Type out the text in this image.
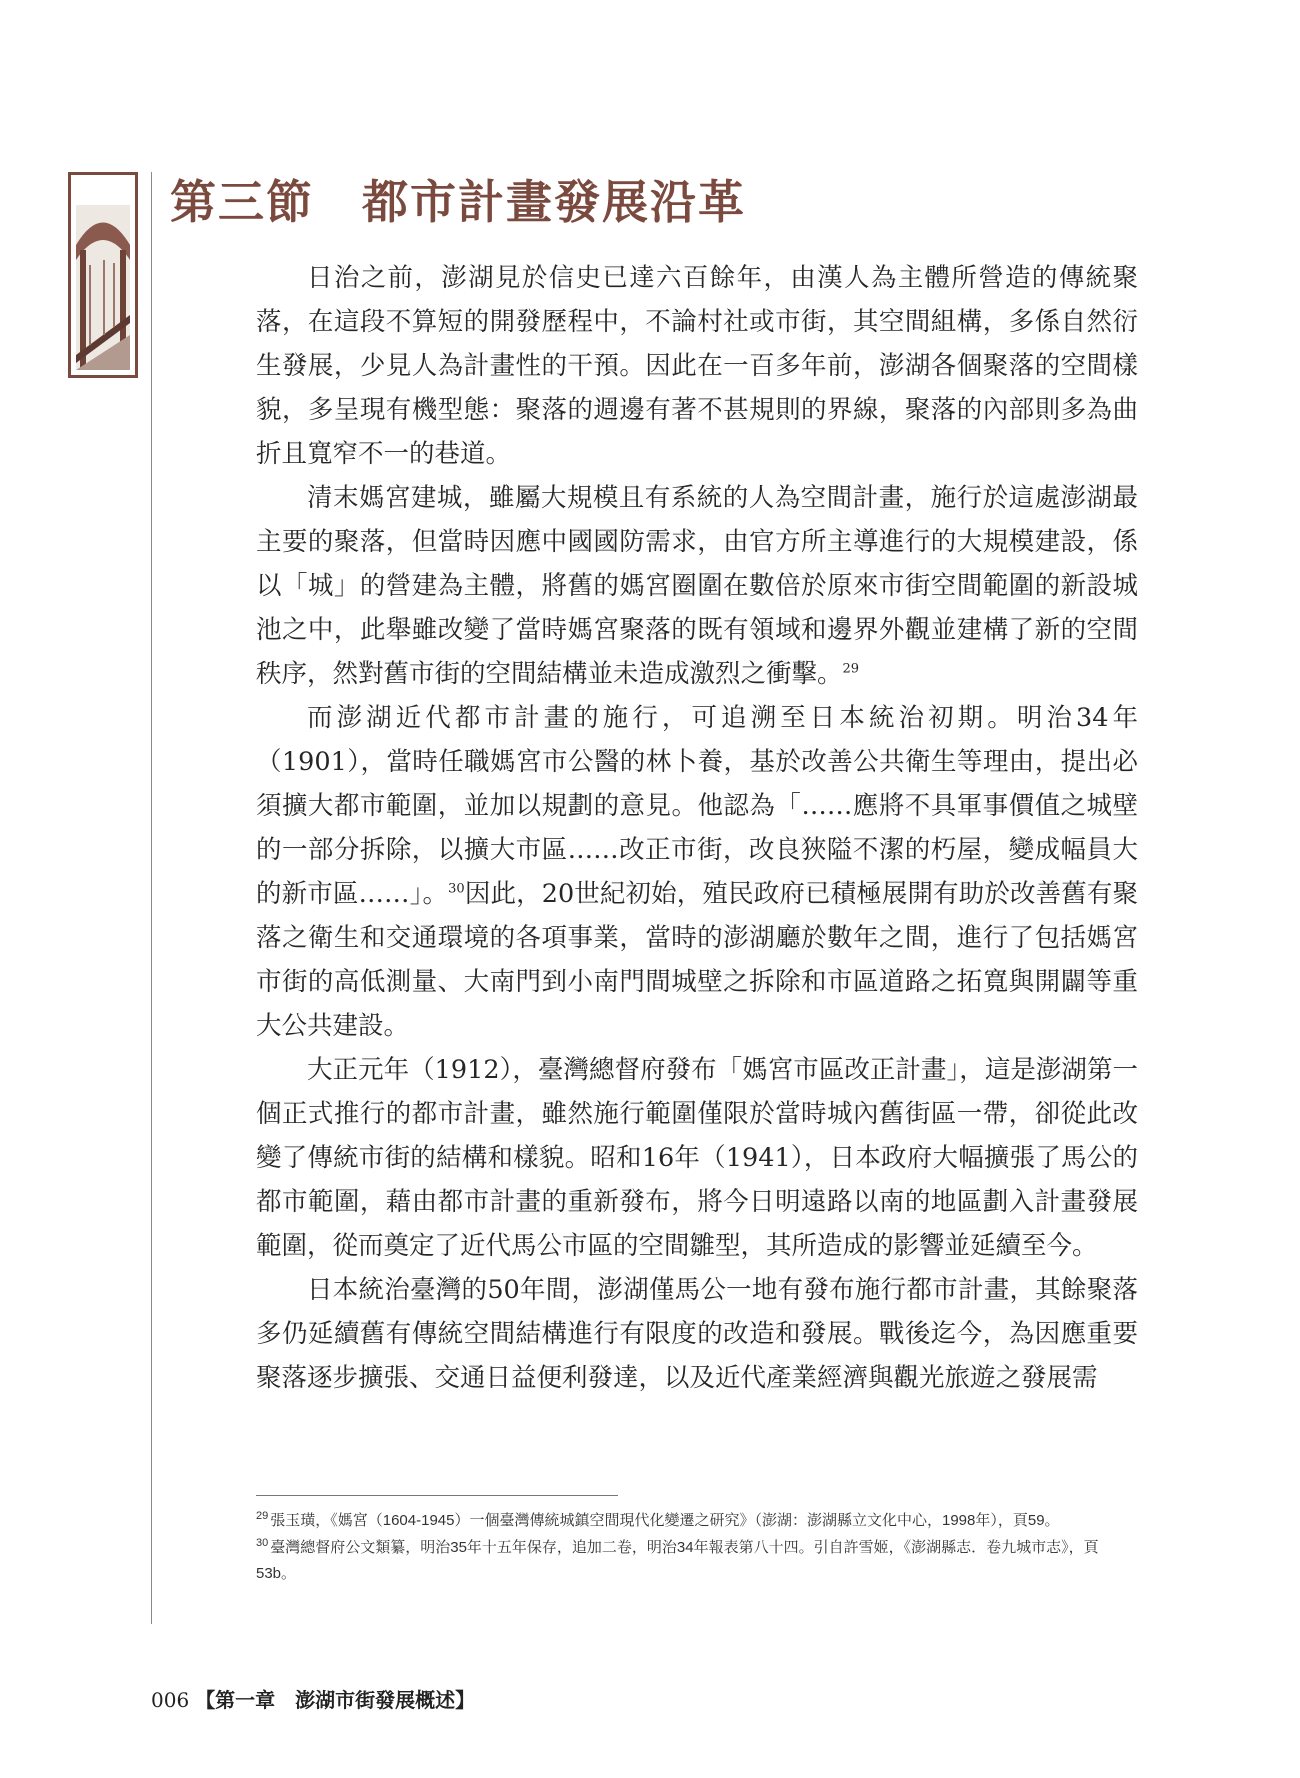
第三節　都市計畫發展沿革

日治之前，澎湖見於信史已達六百餘年，由漢人為主體所營造的傳統聚落，在這段不算短的開發歷程中，不論村社或市街，其空間組構，多係自然衍生發展，少見人為計畫性的干預。因此在一百多年前，澎湖各個聚落的空間樣貌，多呈現有機型態：聚落的週邊有著不甚規則的界線，聚落的內部則多為曲折且寬窄不一的巷道。

清末媽宮建城，雖屬大規模且有系統的人為空間計畫，施行於這處澎湖最主要的聚落，但當時因應中國國防需求，由官方所主導進行的大規模建設，係以「城」的營建為主體，將舊的媽宮圈圍在數倍於原來市街空間範圍的新設城池之中，此舉雖改變了當時媽宮聚落的既有領域和邊界外觀並建構了新的空間秩序，然對舊市街的空間結構並未造成激烈之衝擊。$^{29}$

而澎湖近代都市計畫的施行，可追溯至日本統治初期。明治34年（1901），當時任職媽宮市公醫的林卜養，基於改善公共衛生等理由，提出必須擴大都市範圍，並加以規劃的意見。他認為「……應將不具軍事價值之城壁的一部分拆除，以擴大市區……改正市街，改良狹隘不潔的朽屋，變成幅員大的新市區……」。$^{30}$因此，20世紀初始，殖民政府已積極展開有助於改善舊有聚落之衛生和交通環境的各項事業，當時的澎湖廳於數年之間，進行了包括媽宮市街的高低測量、大南門到小南門間城壁之拆除和市區道路之拓寬與開闢等重大公共建設。

大正元年（1912），臺灣總督府發布「媽宮市區改正計畫」，這是澎湖第一個正式推行的都市計畫，雖然施行範圍僅限於當時城內舊街區一帶，卻從此改變了傳統市街的結構和樣貌。昭和16年（1941），日本政府大幅擴張了馬公的都市範圍，藉由都市計畫的重新發布，將今日明遠路以南的地區劃入計畫發展範圍，從而奠定了近代馬公市區的空間雛型，其所造成的影響並延續至今。

日本統治臺灣的50年間，澎湖僅馬公一地有發布施行都市計畫，其餘聚落多仍延續舊有傳統空間結構進行有限度的改造和發展。戰後迄今，為因應重要聚落逐步擴張、交通日益便利發達，以及近代產業經濟與觀光旅遊之發展需

$^{29}$ 張玉璜，《媽宮（1604-1945）一個臺灣傳統城鎮空間現代化變遷之研究》（澎湖：澎湖縣立文化中心，1998年），頁59。

$^{30}$ 臺灣總督府公文類纂，明治35年十五年保存，追加二卷，明治34年報表第八十四。引自許雪姬，《澎湖縣志．卷九城市志》，頁53b。

006 【第一章　澎湖市街發展概述】
